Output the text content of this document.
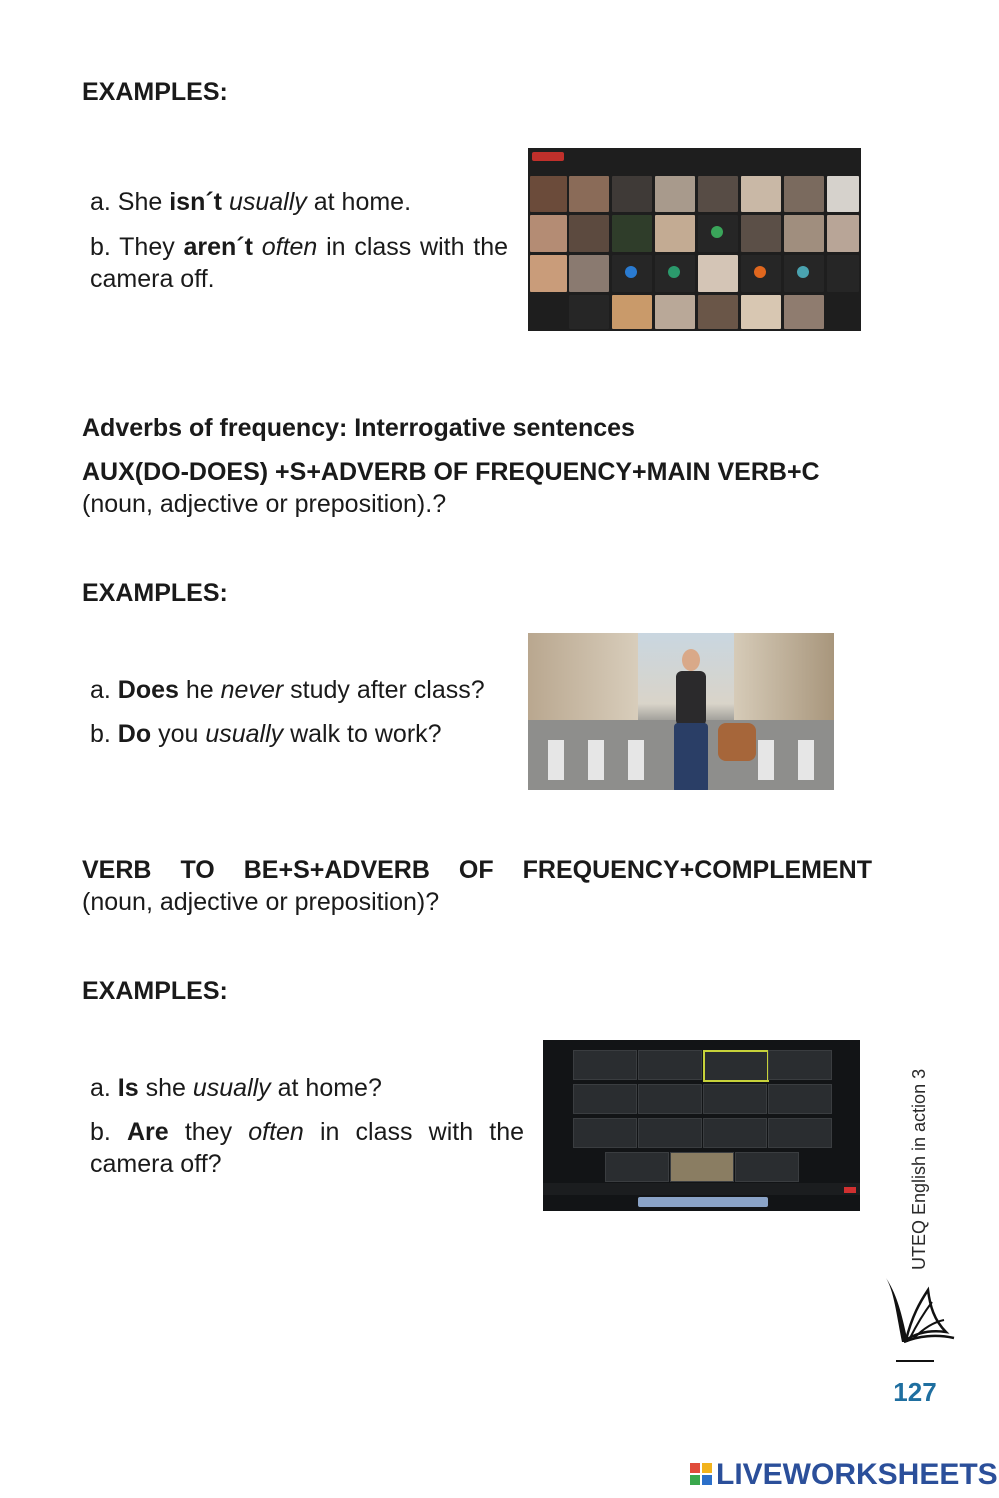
EXAMPLES:
a. She isn´t usually at home.
b. They aren´t often in class with the camera off.
Adverbs of frequency: Interrogative sentences
AUX(DO-DOES) +S+ADVERB OF FREQUENCY+MAIN VERB+C
(noun, adjective or preposition).?
EXAMPLES:
a. Does he never study after class?
b. Do you usually walk to work?
VERB TO BE+S+ADVERB OF FREQUENCY+COMPLEMENT
(noun, adjective or preposition)?
EXAMPLES:
a. Is she usually at home?
b. Are they often in class with the camera off?	UTEQ English in action 3
127
LIVEWORKSHEETS
